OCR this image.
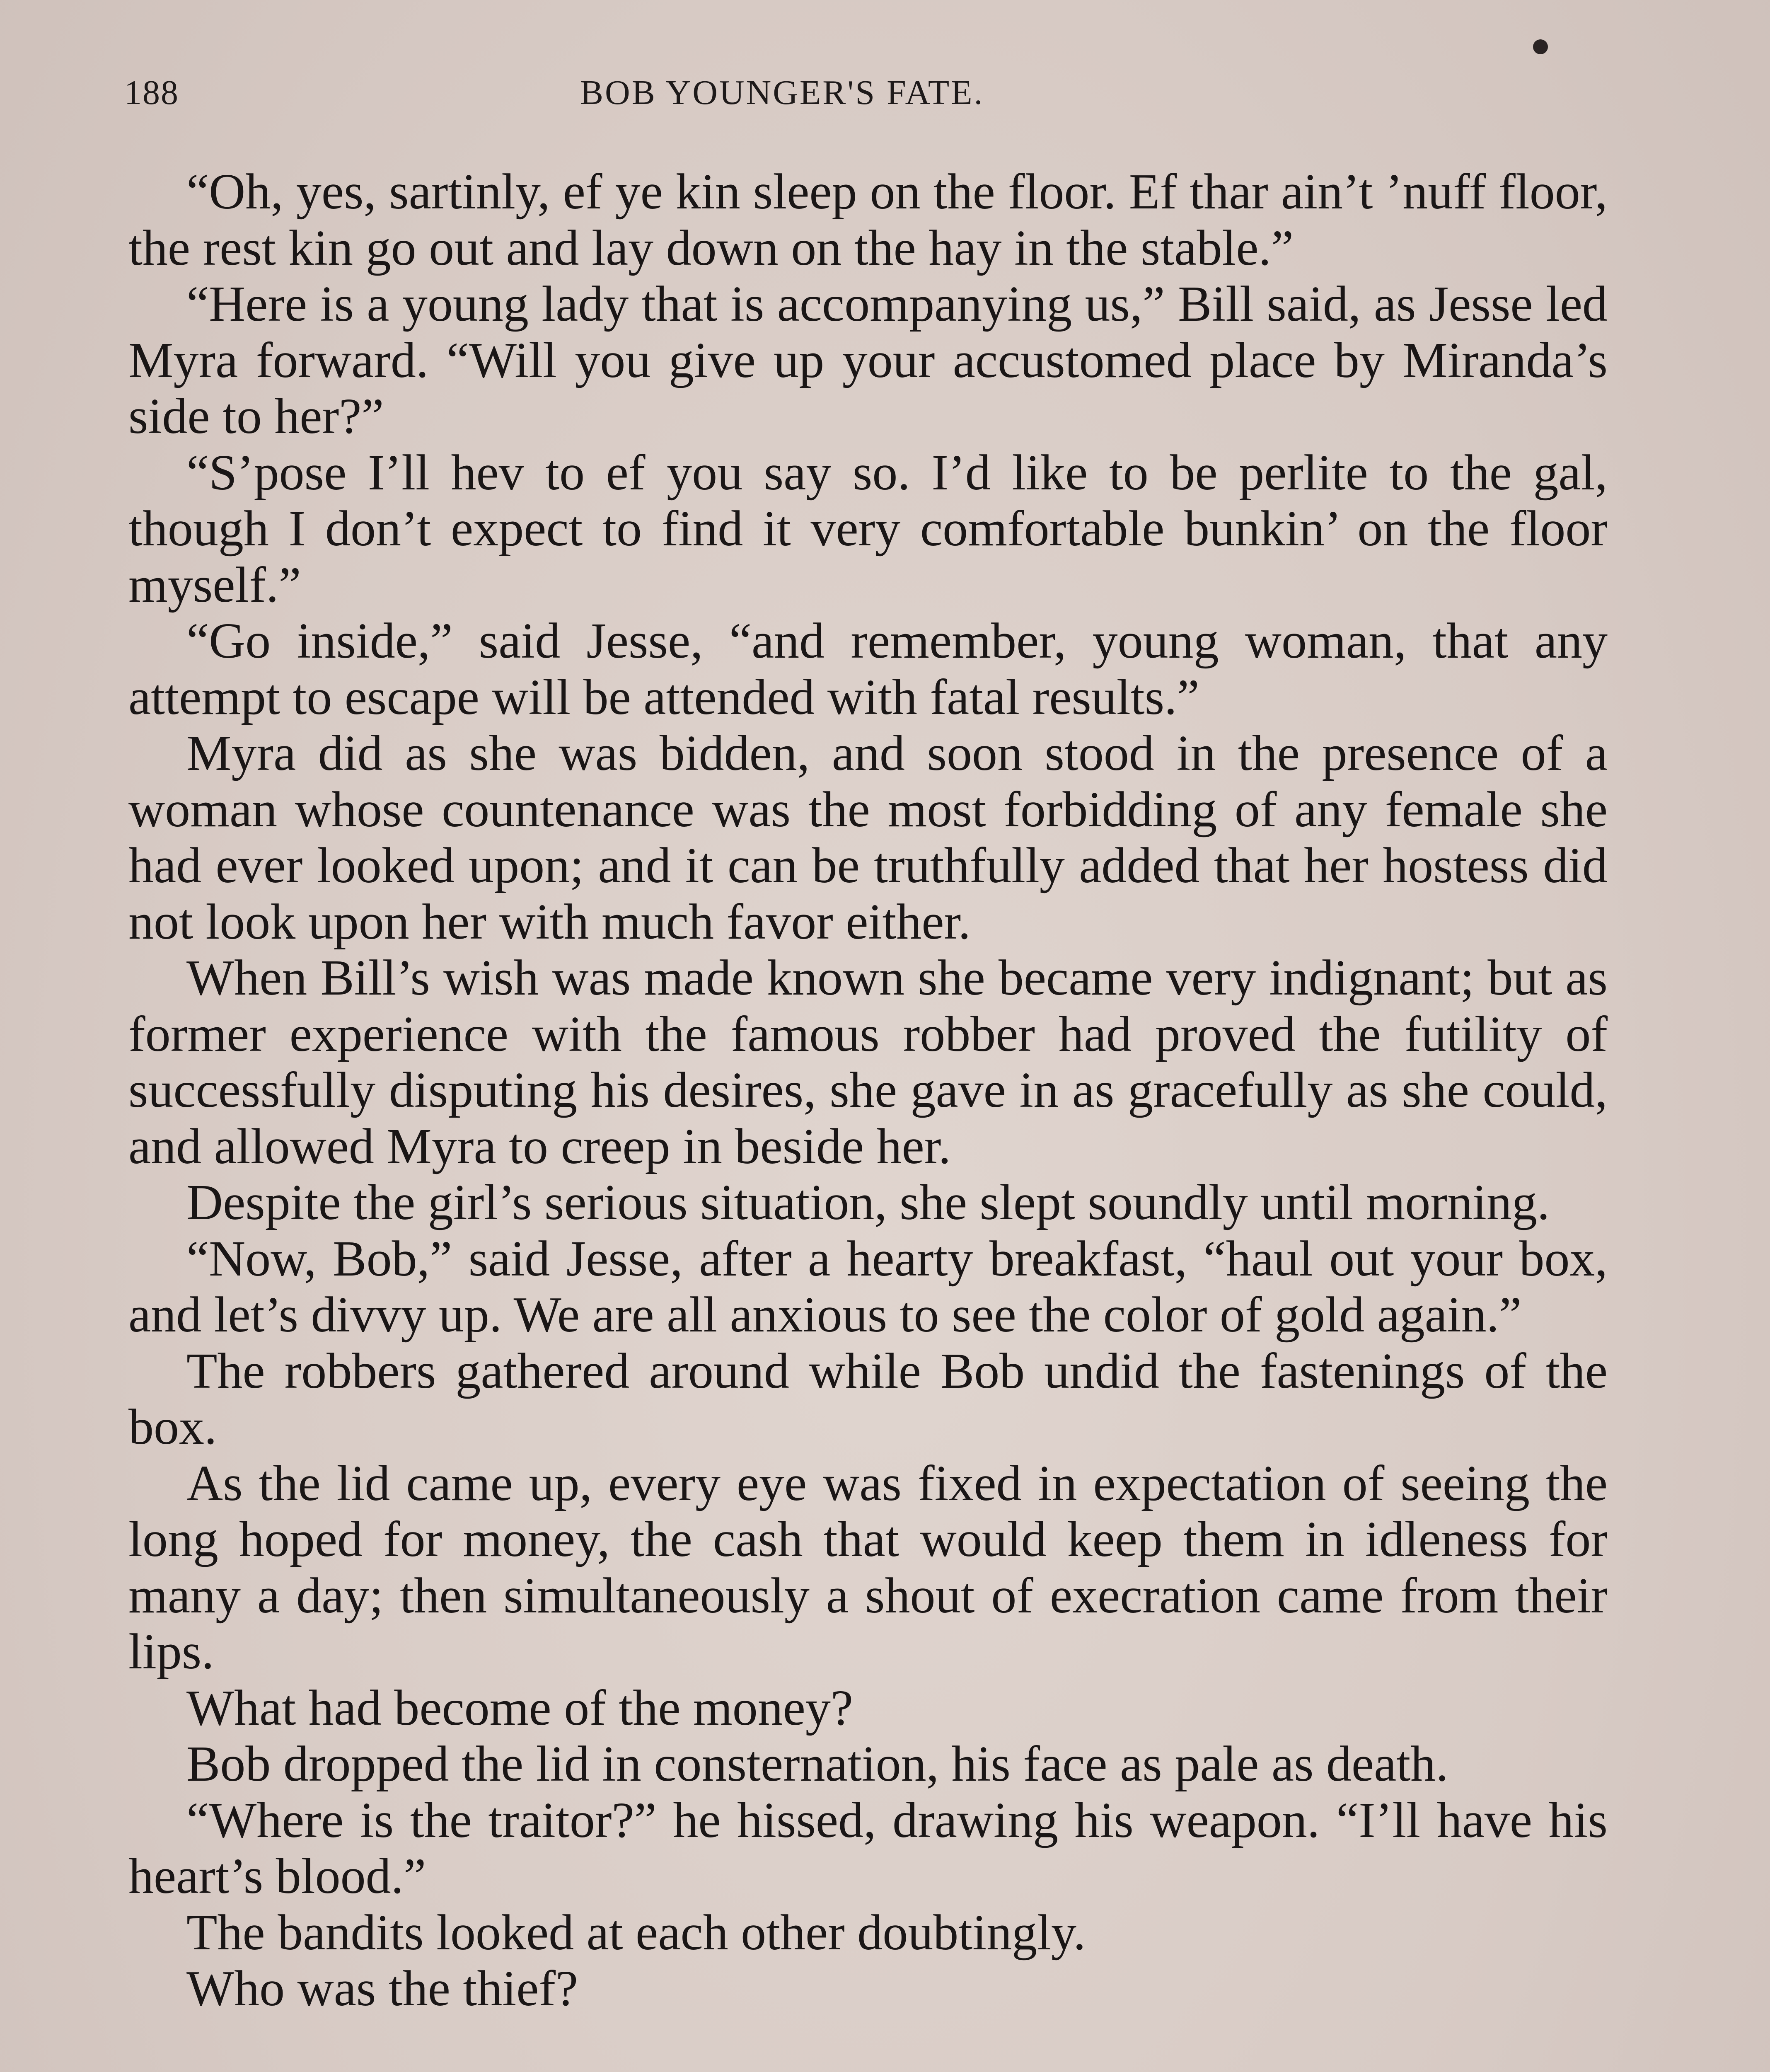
188	BOB YOUNGER'S FATE.

“Oh, yes, sartinly, ef ye kin sleep on the floor. Ef thar ain’t ’nuff floor, the rest kin go out and lay down on the hay in the stable.”

“Here is a young lady that is accompanying us,” Bill said, as Jesse led Myra forward. “Will you give up your accustomed place by Miranda’s side to her?”

“S’pose I’ll hev to ef you say so. I’d like to be perlite to the gal, though I don’t expect to find it very comfortable bunkin’ on the floor myself.”

“Go inside,” said Jesse, “and remember, young woman, that any attempt to escape will be attended with fatal results.”

Myra did as she was bidden, and soon stood in the presence of a woman whose countenance was the most forbidding of any female she had ever looked upon; and it can be truthfully added that her hostess did not look upon her with much favor either.

When Bill’s wish was made known she became very indignant; but as former experience with the famous robber had proved the futility of successfully disputing his desires, she gave in as gracefully as she could, and allowed Myra to creep in beside her.

Despite the girl’s serious situation, she slept soundly until morning.

“Now, Bob,” said Jesse, after a hearty breakfast, “haul out your box, and let’s divvy up. We are all anxious to see the color of gold again.”

The robbers gathered around while Bob undid the fastenings of the box.

As the lid came up, every eye was fixed in expectation of seeing the long hoped for money, the cash that would keep them in idleness for many a day; then simultaneously a shout of execration came from their lips.

What had become of the money?

Bob dropped the lid in consternation, his face as pale as death.

“Where is the traitor?” he hissed, drawing his weapon. “I’ll have his heart’s blood.”

The bandits looked at each other doubtingly.

Who was the thief?
